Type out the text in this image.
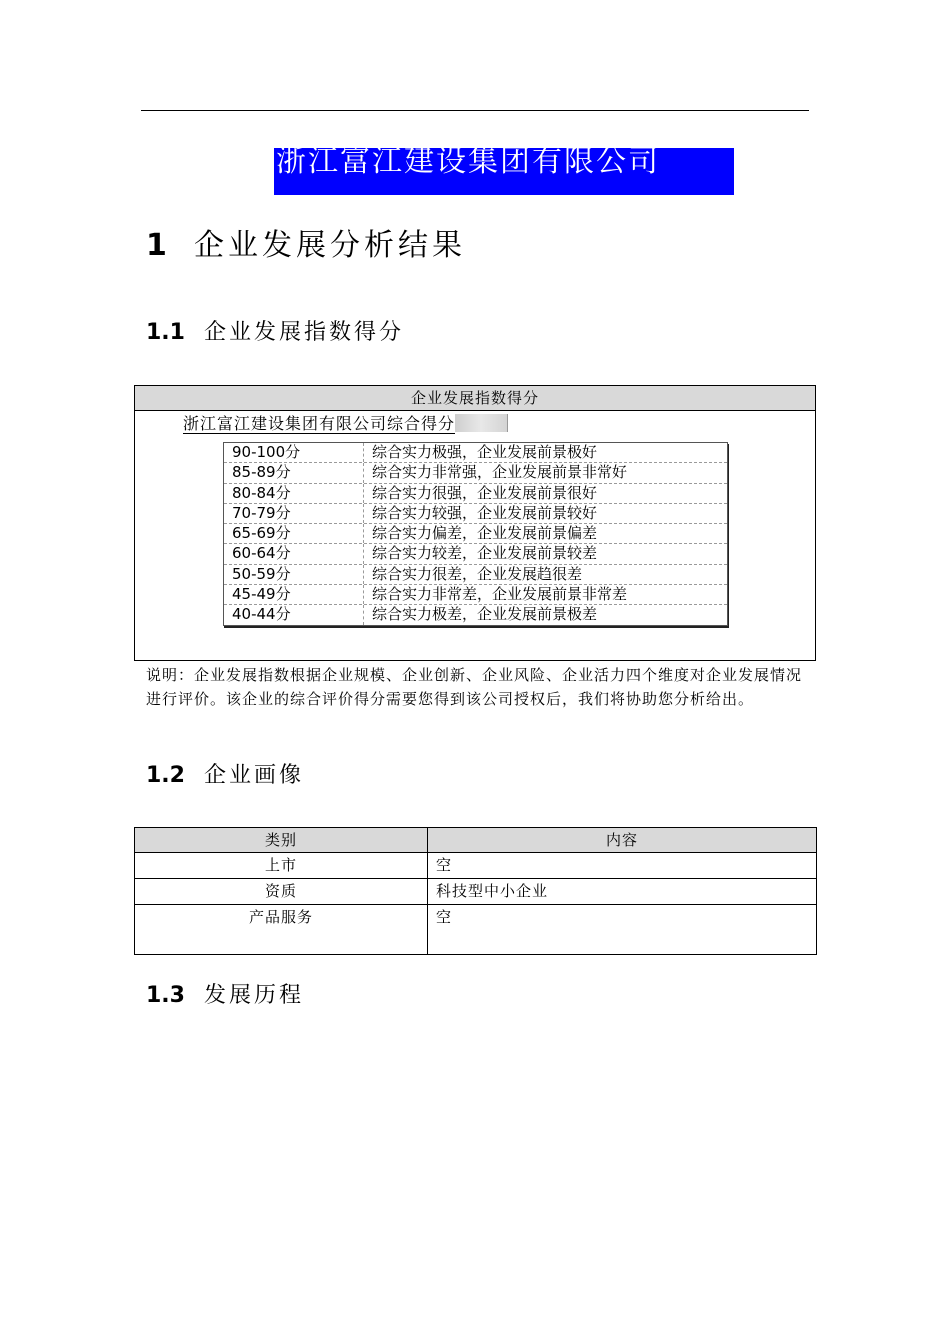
浙江富江建设集团有限公司
1 企业发展分析结果
1.1 企业发展指数得分
企业发展指数得分
浙江富江建设集团有限公司综合得分
90-100分	综合实力极强，企业发展前景极好
85-89分	综合实力非常强，企业发展前景非常好
80-84分	综合实力很强，企业发展前景很好
70-79分	综合实力较强，企业发展前景较好
65-69分	综合实力偏差，企业发展前景偏差
60-64分	综合实力较差，企业发展前景较差
50-59分	综合实力很差，企业发展趋很差
45-49分	综合实力非常差，企业发展前景非常差
40-44分	综合实力极差，企业发展前景极差
说明：企业发展指数根据企业规模、企业创新、企业风险、企业活力四个维度对企业发展情况进行评价。该企业的综合评价得分需要您得到该公司授权后，我们将协助您分析给出。
1.2 企业画像
类别	内容
上市	空
资质	科技型中小企业
产品服务	空
1.3 发展历程
